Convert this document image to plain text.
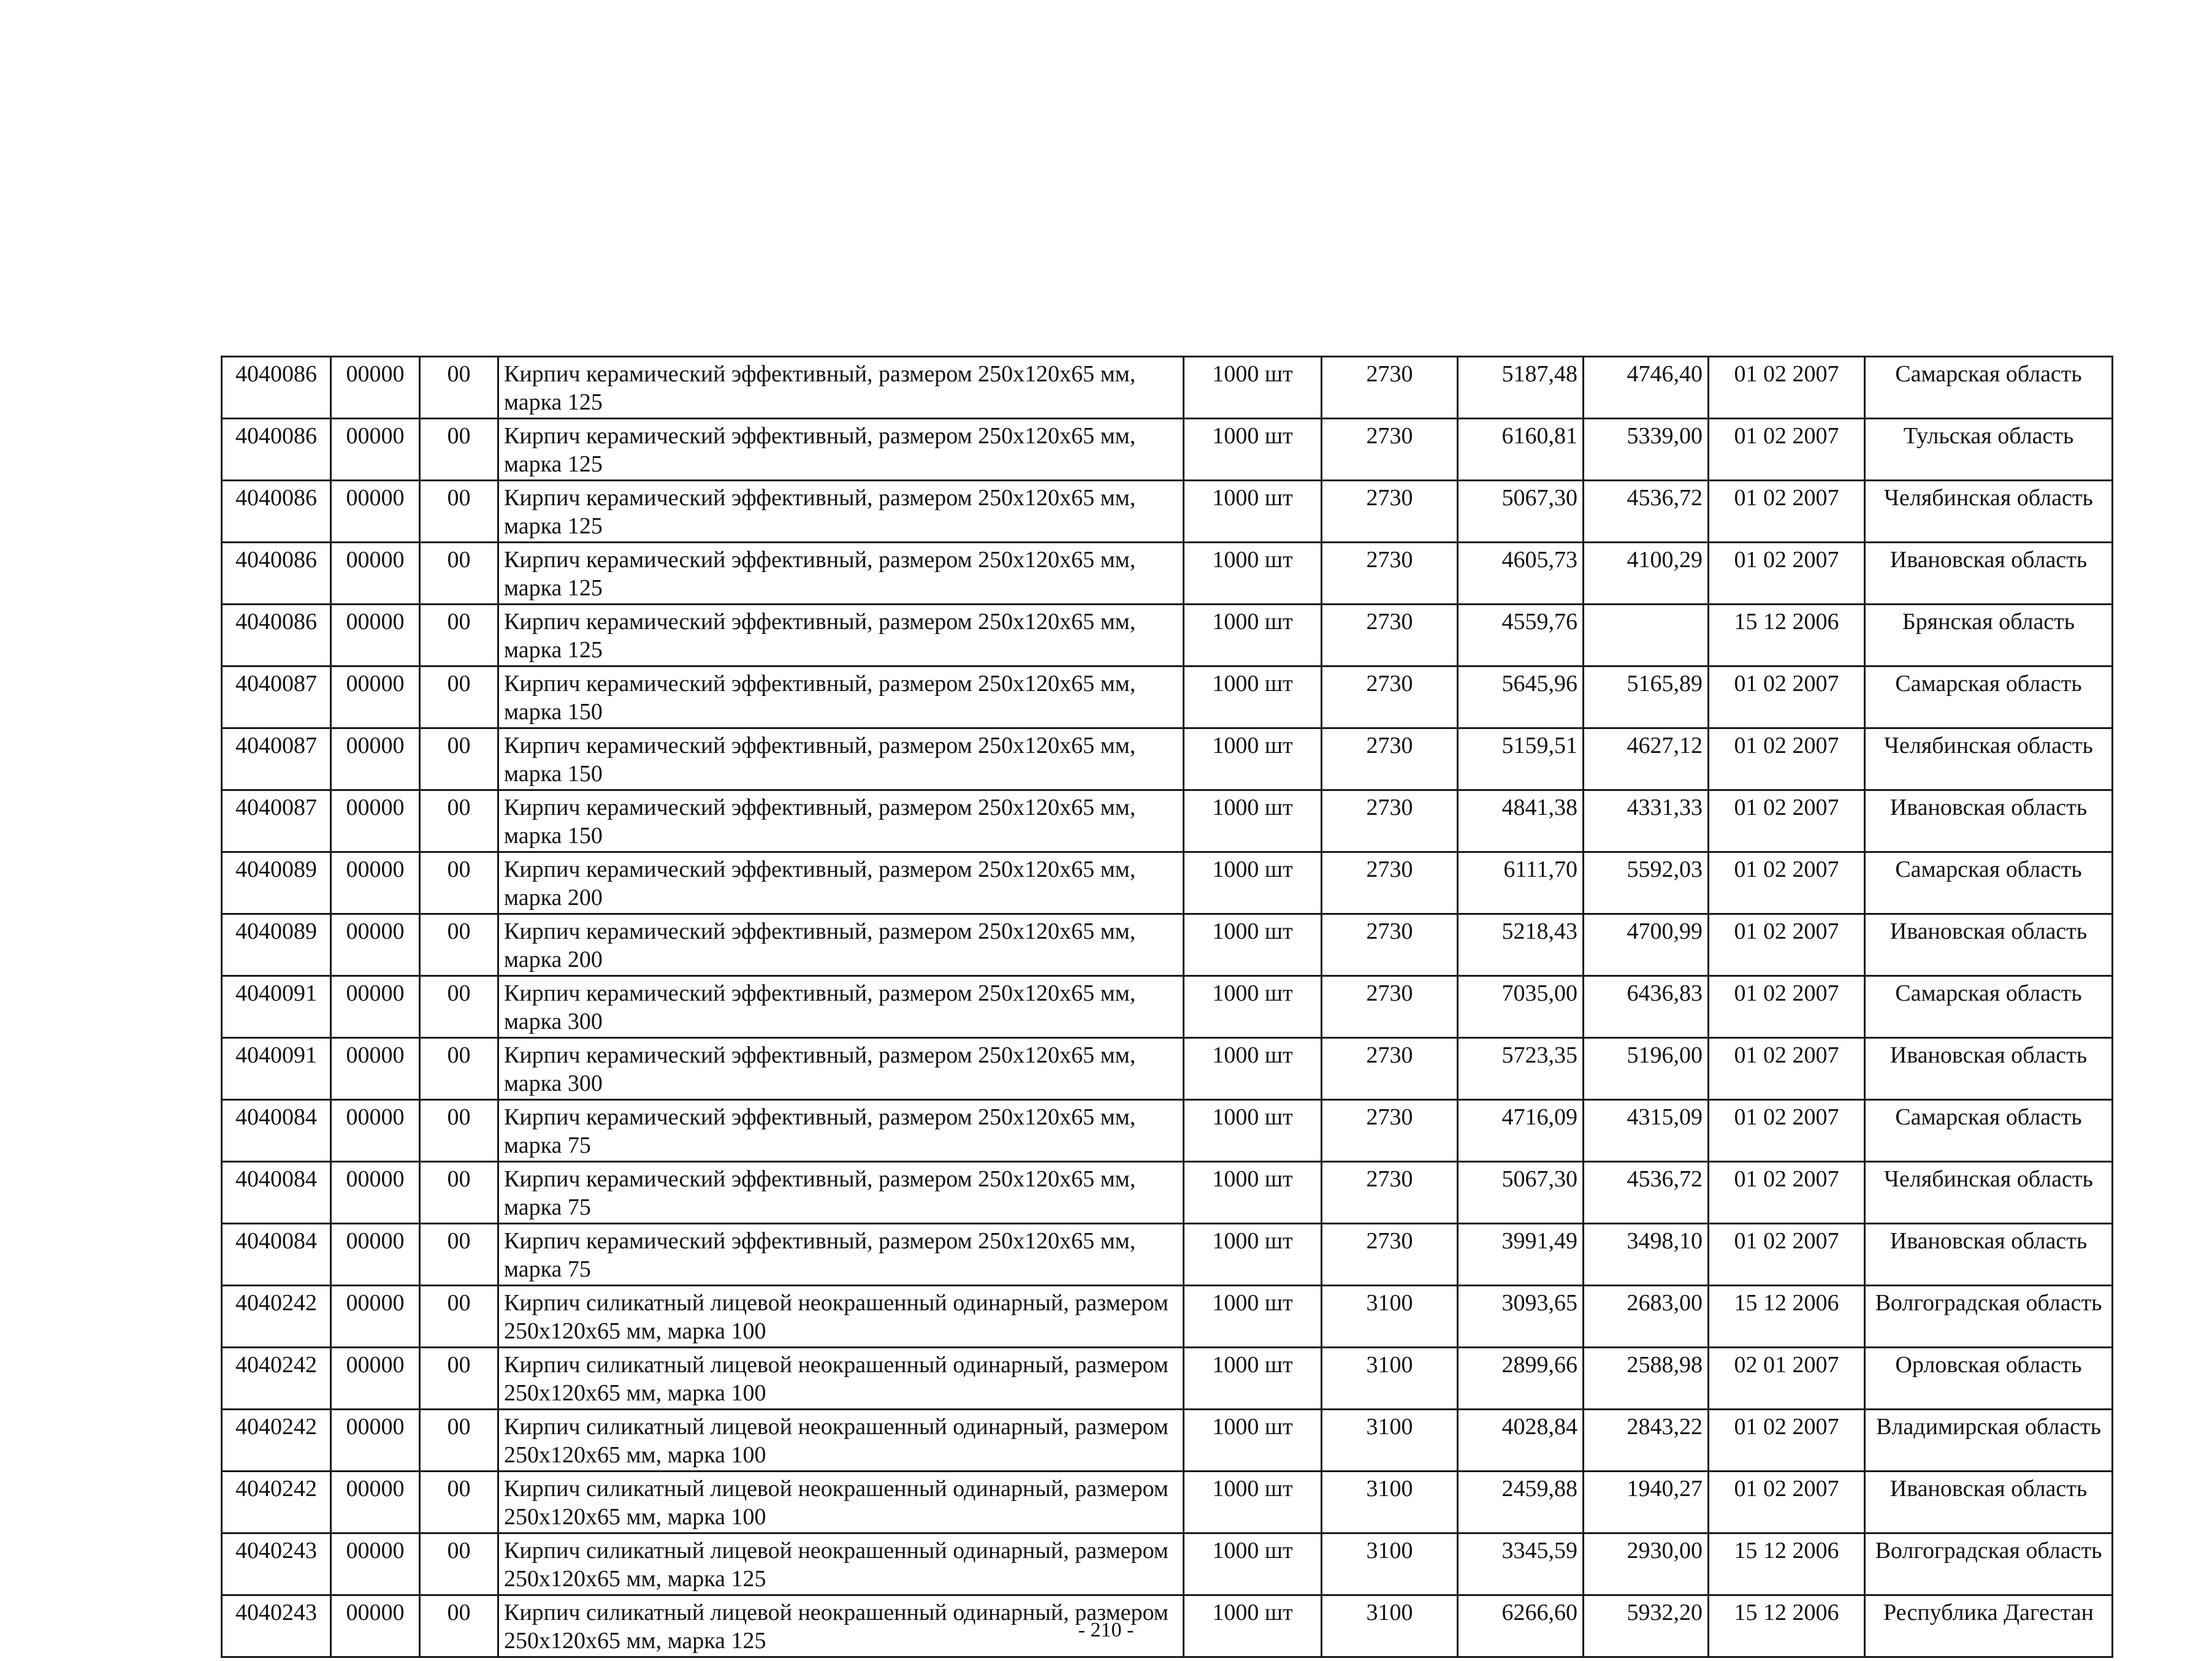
4040086	00000	00	Кирпич керамический эффективный, размером 250x120x65 мм, марка 125	1000 шт	2730	5187,48	4746,40	01 02 2007	Самарская область
4040086	00000	00	Кирпич керамический эффективный, размером 250x120x65 мм, марка 125	1000 шт	2730	6160,81	5339,00	01 02 2007	Тульская область
4040086	00000	00	Кирпич керамический эффективный, размером 250x120x65 мм, марка 125	1000 шт	2730	5067,30	4536,72	01 02 2007	Челябинская область
4040086	00000	00	Кирпич керамический эффективный, размером 250x120x65 мм, марка 125	1000 шт	2730	4605,73	4100,29	01 02 2007	Ивановская область
4040086	00000	00	Кирпич керамический эффективный, размером 250x120x65 мм, марка 125	1000 шт	2730	4559,76		15 12 2006	Брянская область
4040087	00000	00	Кирпич керамический эффективный, размером 250x120x65 мм, марка 150	1000 шт	2730	5645,96	5165,89	01 02 2007	Самарская область
4040087	00000	00	Кирпич керамический эффективный, размером 250x120x65 мм, марка 150	1000 шт	2730	5159,51	4627,12	01 02 2007	Челябинская область
4040087	00000	00	Кирпич керамический эффективный, размером 250x120x65 мм, марка 150	1000 шт	2730	4841,38	4331,33	01 02 2007	Ивановская область
4040089	00000	00	Кирпич керамический эффективный, размером 250x120x65 мм, марка 200	1000 шт	2730	6111,70	5592,03	01 02 2007	Самарская область
4040089	00000	00	Кирпич керамический эффективный, размером 250x120x65 мм, марка 200	1000 шт	2730	5218,43	4700,99	01 02 2007	Ивановская область
4040091	00000	00	Кирпич керамический эффективный, размером 250x120x65 мм, марка 300	1000 шт	2730	7035,00	6436,83	01 02 2007	Самарская область
4040091	00000	00	Кирпич керамический эффективный, размером 250x120x65 мм, марка 300	1000 шт	2730	5723,35	5196,00	01 02 2007	Ивановская область
4040084	00000	00	Кирпич керамический эффективный, размером 250x120x65 мм, марка 75	1000 шт	2730	4716,09	4315,09	01 02 2007	Самарская область
4040084	00000	00	Кирпич керамический эффективный, размером 250x120x65 мм, марка 75	1000 шт	2730	5067,30	4536,72	01 02 2007	Челябинская область
4040084	00000	00	Кирпич керамический эффективный, размером 250x120x65 мм, марка 75	1000 шт	2730	3991,49	3498,10	01 02 2007	Ивановская область
4040242	00000	00	Кирпич силикатный лицевой неокрашенный одинарный, размером 250x120x65 мм, марка 100	1000 шт	3100	3093,65	2683,00	15 12 2006	Волгоградская область
4040242	00000	00	Кирпич силикатный лицевой неокрашенный одинарный, размером 250x120x65 мм, марка 100	1000 шт	3100	2899,66	2588,98	02 01 2007	Орловская область
4040242	00000	00	Кирпич силикатный лицевой неокрашенный одинарный, размером 250x120x65 мм, марка 100	1000 шт	3100	4028,84	2843,22	01 02 2007	Владимирская область
4040242	00000	00	Кирпич силикатный лицевой неокрашенный одинарный, размером 250x120x65 мм, марка 100	1000 шт	3100	2459,88	1940,27	01 02 2007	Ивановская область
4040243	00000	00	Кирпич силикатный лицевой неокрашенный одинарный, размером 250x120x65 мм, марка 125	1000 шт	3100	3345,59	2930,00	15 12 2006	Волгоградская область
4040243	00000	00	Кирпич силикатный лицевой неокрашенный одинарный, размером 250x120x65 мм, марка 125	1000 шт	3100	6266,60	5932,20	15 12 2006	Республика Дагестан
- 210 -
